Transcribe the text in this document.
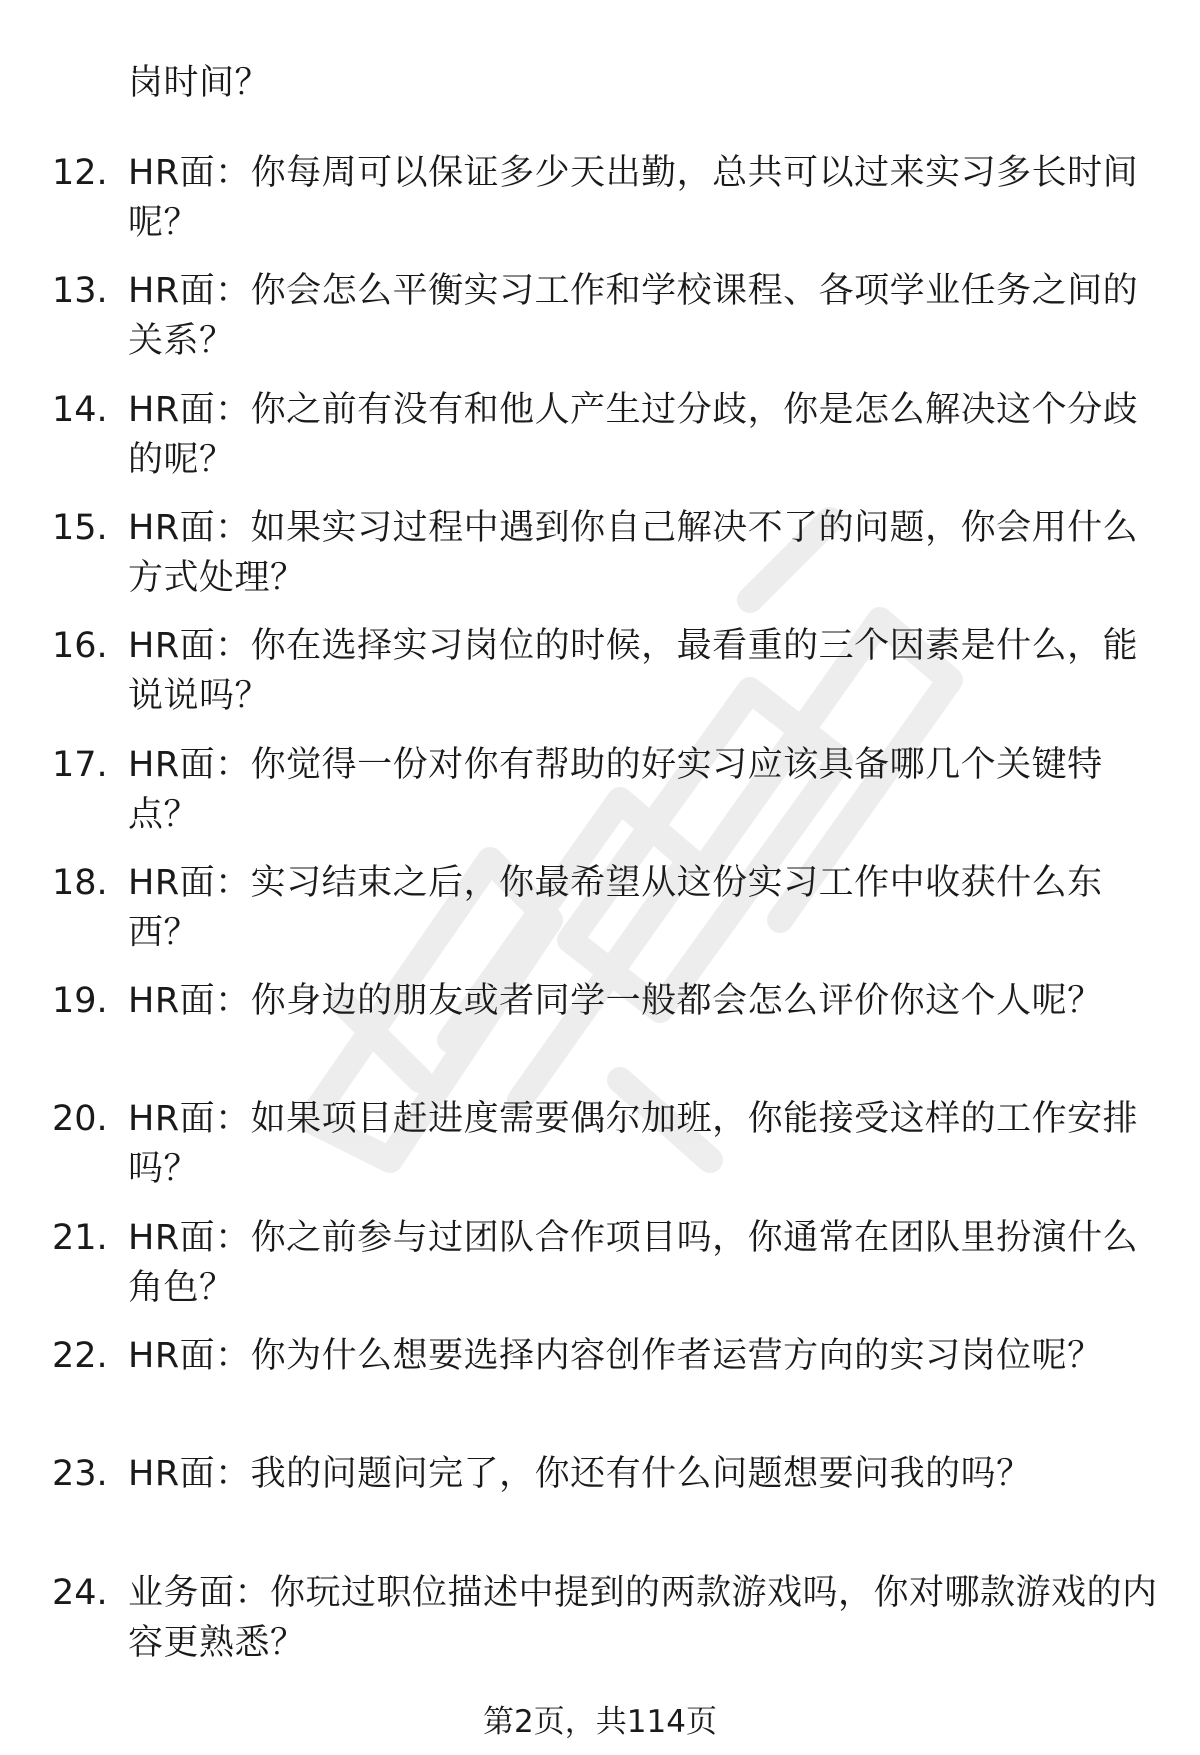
岗时间？
12. HR面：你每周可以保证多少天出勤，总共可以过来实习多长时间呢？
13. HR面：你会怎么平衡实习工作和学校课程、各项学业任务之间的关系？
14. HR面：你之前有没有和他人产生过分歧，你是怎么解决这个分歧的呢？
15. HR面：如果实习过程中遇到你自己解决不了的问题，你会用什么方式处理？
16. HR面：你在选择实习岗位的时候，最看重的三个因素是什么，能说说吗？
17. HR面：你觉得一份对你有帮助的好实习应该具备哪几个关键特点？
18. HR面：实习结束之后，你最希望从这份实习工作中收获什么东西？
19. HR面：你身边的朋友或者同学一般都会怎么评价你这个人呢？
20. HR面：如果项目赶进度需要偶尔加班，你能接受这样的工作安排吗？
21. HR面：你之前参与过团队合作项目吗，你通常在团队里扮演什么角色？
22. HR面：你为什么想要选择内容创作者运营方向的实习岗位呢？
23. HR面：我的问题问完了，你还有什么问题想要问我的吗？
24. 业务面：你玩过职位描述中提到的两款游戏吗，你对哪款游戏的内容更熟悉？
第2页，共114页
